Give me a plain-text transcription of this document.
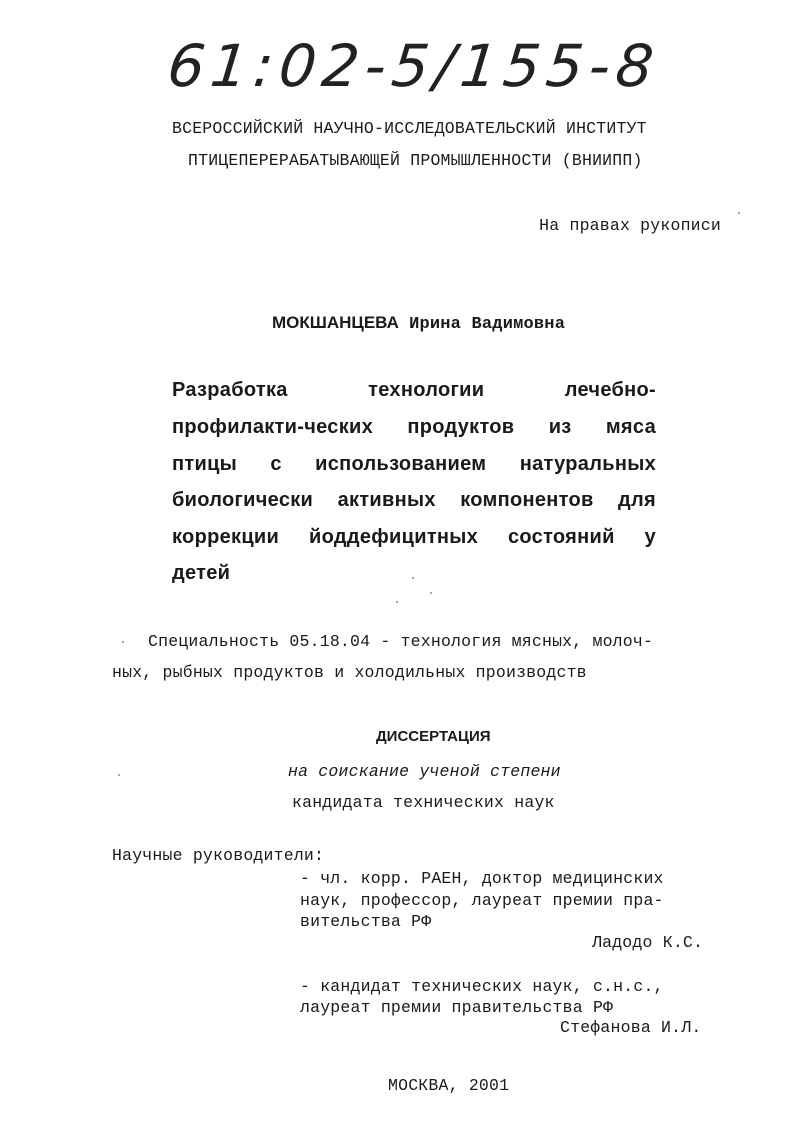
61:02-5/155-8
ВСЕРОССИЙСКИЙ НАУЧНО-ИССЛЕДОВАТЕЛЬСКИЙ ИНСТИТУТ
ПТИЦЕПЕРЕРАБАТЫВАЮЩЕЙ ПРОМЫШЛЕННОСТИ (ВНИИПП)
На правах рукописи
МОКШАНЦЕВА Ирина Вадимовна
Разработка технологии лечебно-
профилакти-ческих продуктов из мяса
птицы с использованием натуральных
биологически активных компонентов для
коррекции йоддефицитных состояний у
детей
Специальность 05.18.04 - технология мясных, молоч-
ных, рыбных продуктов и холодильных производств
ДИССЕРТАЦИЯ
на соискание ученой степени
кандидата технических наук
Научные руководители:
- чл. корр. РАЕН, доктор медицинских
наук, профессор, лауреат премии пра-
вительства РФ
Ладодо К.С.
- кандидат технических наук, с.н.с.,
лауреат премии правительства РФ
Стефанова И.Л.
МОСКВА, 2001
